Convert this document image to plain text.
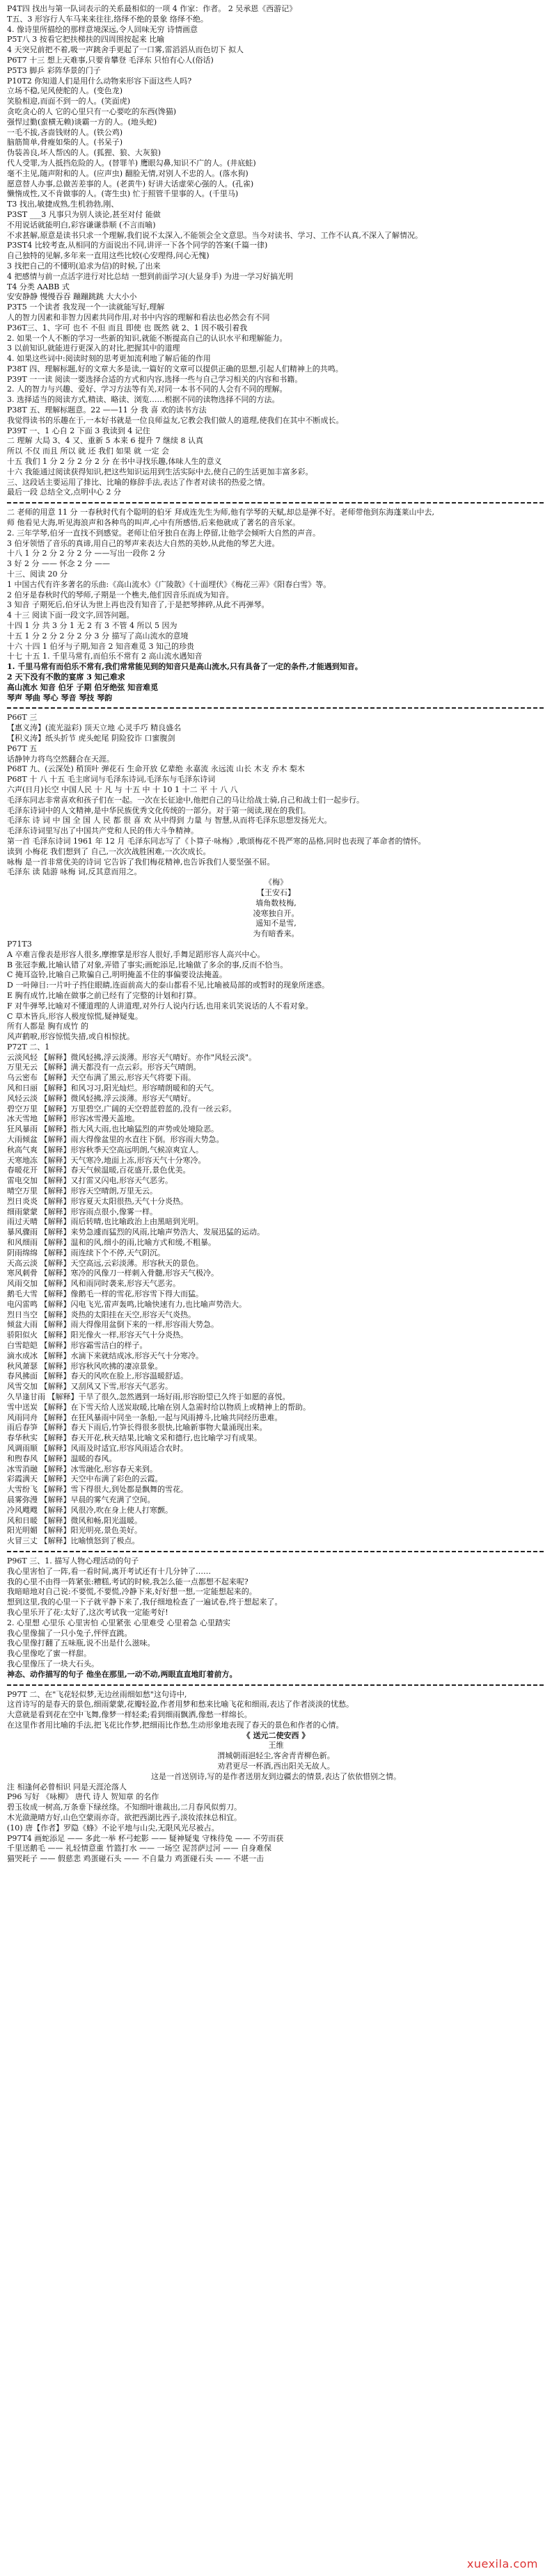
P4T四 找出与第一队词表示的关系最相似的一项 4 作家：作者。 2 吴承恩《西游记》
T五、3 形容行人车马来来往往,络绎不绝的景象 络绎不绝。
4. 像诗里所描绘的那样意境深远,令人回味无穷 诗情画意
P5T八 3 按看它把扶梯扶的四周围按起来 比喻
4 天突兄前把不着,吸一声跳舍手更起了一口雾,雷滔滔从而色切下 拟人
P6T7 十三 想上天难事,只要肯攀登 毛泽东 只怕有心人(俗话)
P5T3 脚乒 彩阵华景的门子
P10T2 你知道人们是用什么动物来形容下面这些人吗?
立场不稳,见风使舵的人。(变色龙)
笑脸相迎,而面不到一的人。(笑面虎)
贪吃贪心的人 它的心里只有一心要吃的东西(馋猫)
强悍过勤(蛮横无赖)谈霸一方的人。(地头蛇)
一毛不拔,吝啬钱财的人。(铁公鸡)
脑筋简单,骨瘦如柴的人。(书呆子)
伪装善良,坏人帮凶的人。(狐狸、狼、大灰狼)
代人受罪,为人抵挡危险的人。(替罪羊) 鹰眼勾鼻,知识不广的人。(井底蛙)
毫不主见,随声附和的人。(应声虫) 翻脸无情,对别人不忠的人。(落水狗)
愿意替人办事,总做苦差事的人。(老黄牛) 好讲大话虚荣心强的人。(孔雀)
懒惰成性,又不肯做事的人。(寄生虫) 忙于照管千里事的人。(千里马)
T3 找出,敏捷成熟,生机勃勃,刚、
P3ST ___3 凡事只为别人谈论,甚至对付 能做
不用说话就能明白,彩容谦谦恭顺 (不言而喻)
不求甚解,原意是读书只求一个理解,我们说不太深入,不能领会全文意思。当今对读书、学习、工作不认真,不深入了解情况。
P3ST4 比较考查,从相同的方面说出不同,讲评一下各个同学的答案(千篇一律)
自己独特的见解,多年来一直用这些比较(心安理得,问心无愧)
3 找把自己的不懂明(追求为信)的时候,了出来
4 把感情与前一点活字进行对比总结 一想到前面学习(大显身手) 为进一学习好搞光明
T4 分类 AABB 式
安安静静 慢慢吞吞 蹦蹦跳跳 大大小小
P3T5 一个读者 我发现一个一读就能写好,理解
人的智力因素和非智力因素共同作用,对书中内容的理解和看法也必然会有不同
P36T三、1、字可 也不 不但 而且 即使 也 既然 就 2、1 因不吸引着我
2. 如果一个人不断的学习一些新的知识,就能不断提高自己的认识水平和理解能力。
3 以前知识,就能进行更深入的对比,把握其中的道理
4. 如果这些词中:阅读时刻的思考更加流利地了解后能的作用
P38T 四、理解标题,好的文章大多是读,一篇好的文章可以提供正确的思想,引起人们精神上的共鸣。
P39T 一一读 阅读一要选择合适的方式和内容,选择一些与自己学习相关的内容和书籍。
2. 人的智力与兴趣、爱好、学习方法等有关,对同一本书不同的人会有不同的理解。
3. 选择适当的阅读方式,精读、略读、浏览……根据不同的读物选择不同的方法。
P38T 五、理解标题意。22 ——11 分 我 喜 欢的读书方法
我觉得读书的乐趣在于,一本好书就是一位良师益友,它教会我们做人的道理,使我们在其中不断成长。
P39T 一、1 心自 2 下面 3 我读到 4 记住
二 理解 大局 3、4 又、重新 5 本来 6 提升 7 继续 8 认真
所以 不仅 而且 所以 就 还 我们 如果 就 一定 会
十五 我们 1 分 2 分 2 分 2 分 在书中寻找乐趣,体味人生的意义
十六 我能通过阅读获得知识,把这些知识运用到生活实际中去,使自己的生活更加丰富多彩。
三、这段话主要运用了排比、比喻的修辞手法,表达了作者对读书的热爱之情。
最后一段 总结全文,点明中心 2 分
二 老师的用意 11 分 一春秋时代有个聪明的伯牙 拜成连先生为师,他有学琴的天赋,却总是弹不好。老师带他到东海蓬莱山中去,
师 他看见大海,听见海浪声和各种鸟的叫声,心中有所感悟,后来他就成了著名的音乐家。
2. 三年学琴,伯牙一直找不到感觉。老师让伯牙独自在海上停留,让他学会倾听大自然的声音。
3 伯牙领悟了音乐的真谛,用自己的琴声来表达大自然的美妙,从此他的琴艺大进。
十八 1 分 2 分 2 分 2 分 ——写出一段你 2 分
3 好 2 分 —— 怀念 2 分 ——
十三、阅读 20 分
1 中国古代有许多著名的乐曲:《高山流水》《广陵散》《十面埋伏》《梅花三弄》《阳春白雪》等。
2 伯牙是春秋时代的琴师,子期是一个樵夫,他们因音乐而成为知音。
3 知音 子期死后,伯牙认为世上再也没有知音了,于是把琴摔碎,从此不再弹琴。
4 十三 阅读下面一段文字,回答问题。
十四 1 分 共 3 分 1 无 2 有 3 不管 4 所以 5 因为
十五 1 分 2 分 2 分 2 分 3 分 描写了高山流水的意境
十六 十四 1 伯牙与子期,知音 2 知音难觅 3 知己的珍贵
十七 十五 1. 千里马常有,而伯乐不常有 2 高山流水遇知音
1. 千里马常有而伯乐不常有,我们常常能见到的知音只是高山流水,只有具备了一定的条件,才能遇到知音。
2 天下没有不散的宴席 3 知己难求
高山流水 知音 伯牙 子期 伯牙绝弦 知音难觅
琴声 琴曲 琴心 琴音 琴技 琴韵
P66T 三
【惠义涛】(流光溢彩) 顶天立地 心灵手巧 精良盛名
【积义涛】纸头折节 虎头蛇尾 阴险狡诈 口蜜腹剑
P67T 五
话静钟力将鸟空然翻合在天涯。
P68T 九、(云深处) 稍顶叶 弹花石 生命开放 亿辈绝 永嘉流 永远流 山长 木支 乔木 梨木
P68T 十 八 十五 毛主席词与毛泽东诗词,毛泽东与毛泽东诗词
六声(日月)长空 中国人民 十 凡 与 十五 中 十 10 1 十二 平 十 八 八
毛泽东同志非常喜欢和孩子们在一起。一次在长征途中,他把自己的马让给战士骑,自己和战士们一起步行。
毛泽东诗词中的人文精神,是中华民族优秀文化传统的一部分。对于第一阅读,现在的我们。
毛泽东 诗 词 中 国 全 国 人 民 都 很 喜 欢 从中得到 力量 与 智慧,从而将毛泽东思想发扬光大。
毛泽东诗词里写出了中国共产党和人民的伟大斗争精神。
第一首 毛泽东诗词 1961 年 12 月 毛泽东同志写了《卜算子·咏梅》,歌颂梅花不畏严寒的品格,同时也表现了革命者的情怀。
读到 小梅花 我们想到了 自己,一次次战胜困难,一次次成长。
咏梅 是一首非常优美的诗词 它告诉了我们梅花精神,也告诉我们人要坚强不屈。
毛泽东 读 陆游 咏梅 词,反其意而用之。
《梅》
【王安石】
墙角数枝梅,
凌寒独自开。
遥知不是雪,
为有暗香来。
P71T3
A 卒难言像表是形容人很多,摩擦掌是形容人很好,手舞足蹈形容人高兴中心。
B 张冠李戴,比喻认错了对象,弄错了事实;画蛇添足,比喻做了多余的事,反而不恰当。
C 掩耳盗铃,比喻自己欺骗自己,明明掩盖不住的事偏要设法掩盖。
D 一叶障目:一片叶子挡住眼睛,连面前高大的泰山都看不见,比喻被局部的或暂时的现象所迷惑。
E 胸有成竹,比喻在做事之前已经有了完整的计划和打算。
F 对牛弹琴,比喻对不懂道理的人讲道理,对外行人说内行话,也用来讥笑说话的人不看对象。
C 草木皆兵,形容人极度惊慌,疑神疑鬼。
所有人都是 胸有成竹 的
风声鹤唳,形容惊慌失措,或自相惊扰。
P72T 二、1
云淡风轻 【解释】微风轻拂,浮云淡薄。形容天气晴好。亦作"风轻云淡"。
万里无云 【解释】满天都没有一点云彩。形容天气晴朗。
乌云密布 【解释】天空布满了黑云,形容天气将要下雨。
风和日丽 【解释】和风习习,阳光灿烂。形容晴朗暖和的天气。
风轻云淡 【解释】微风轻拂,浮云淡薄。形容天气晴好。
碧空万里 【解释】万里碧空,广阔的天空碧蓝碧蓝的,没有一丝云彩。
冰天雪地 【解释】形容冰雪漫天盖地。
狂风暴雨 【解释】指大风大雨,也比喻猛烈的声势或处境险恶。
大雨倾盆 【解释】雨大得像盆里的水直往下倒。形容雨大势急。
秋高气爽 【解释】形容秋季天空高远明朗,气候凉爽宜人。
天寒地冻 【解释】天气寒冷,地面上冻,形容天气十分寒冷。
春暖花开 【解释】春天气候温暖,百花盛开,景色优美。
雷电交加 【解释】又打雷又闪电,形容天气恶劣。
晴空万里 【解释】形容天空晴朗,万里无云。
烈日炎炎 【解释】形容夏天太阳很热,天气十分炎热。
细雨蒙蒙 【解释】形容雨点很小,像雾一样。
雨过天晴 【解释】雨后转晴,也比喻政治上由黑暗到光明。
暴风骤雨 【解释】来势急遽而猛烈的风雨,比喻声势浩大、发展迅猛的运动。
和风细雨 【解释】温和的风,细小的雨,比喻方式和缓,不粗暴。
阴雨绵绵 【解释】雨连续下个不停,天气阴沉。
天高云淡 【解释】天空高远,云彩淡薄。形容秋天的景色。
寒风刺骨 【解释】寒冷的风像刀一样刺入骨髓,形容天气极冷。
风雨交加 【解释】风和雨同时袭来,形容天气恶劣。
鹅毛大雪 【解释】像鹅毛一样的雪花,形容雪下得大而猛。
电闪雷鸣 【解释】闪电飞光,雷声轰鸣,比喻快速有力,也比喻声势浩大。
烈日当空 【解释】炎热的太阳挂在天空,形容天气炎热。
倾盆大雨 【解释】雨大得像用盆倒下来的一样,形容雨大势急。
骄阳似火 【解释】阳光像火一样,形容天气十分炎热。
白雪皑皑 【解释】形容霜雪洁白的样子。
滴水成冰 【解释】水滴下来就结成冰,形容天气十分寒冷。
秋风萧瑟 【解释】形容秋风吹拂的凄凉景象。
春风拂面 【解释】春天的风吹在脸上,形容温暖舒适。
风雪交加 【解释】又刮风又下雪,形容天气恶劣。
久旱逢甘雨 【解释】干旱了很久,忽然遇到一场好雨,形容盼望已久终于如愿的喜悦。
雪中送炭 【解释】在下雪天给人送炭取暖,比喻在别人急需时给以物质上或精神上的帮助。
风雨同舟 【解释】在狂风暴雨中同坐一条船,一起与风雨搏斗,比喻共同经历患难。
雨后春笋 【解释】春天下雨后,竹笋长得很多很快,比喻新事物大量涌现出来。
春华秋实 【解释】春天开花,秋天结果,比喻文采和德行,也比喻学习有成果。
风调雨顺 【解释】风雨及时适宜,形容风雨适合农时。
和煦春风 【解释】温暖的春风。
冰雪消融 【解释】冰雪融化,形容春天来到。
彩霞满天 【解释】天空中布满了彩色的云霞。
大雪纷飞 【解释】雪下得很大,到处都是飘舞的雪花。
晨雾弥漫 【解释】早晨的雾气充满了空间。
冷风飕飕 【解释】风很冷,吹在身上使人打寒颤。
风和日暖 【解释】微风和畅,阳光温暖。
阳光明媚 【解释】阳光明亮,景色美好。
火冒三丈 【解释】比喻愤怒到了极点。
P96T 三、1. 描写人物心理活动的句子
我心里害怕了一阵,看一看时间,离开考试还有十几分钟了……
我的心里不由得一阵紧张:糟糕,考试的时候,我怎么能一点都想不起来呢?
我暗暗地对自己说:不要慌,不要慌,冷静下来,好好想一想,一定能想起来的。
想到这里,我的心里一下子就平静下来了,我仔细地检查了一遍试卷,终于想起来了。
我心里乐开了花:太好了,这次考试我一定能考好!
2. 心里想 心里乐 心里害怕 心里紧张 心里难受 心里着急 心里踏实
我心里像揣了一只小兔子,怦怦直跳。
我心里像打翻了五味瓶,说不出是什么滋味。
我心里像吃了蜜一样甜。
我心里像压了一块大石头。
神态、动作描写的句子 他坐在那里,一动不动,两眼直直地盯着前方。
P97T 二、在"飞花轻似梦,无边丝雨细如愁"这句诗中,
这首诗写的是春天的景色,细雨蒙蒙,花瓣轻盈,作者用梦和愁来比喻飞花和细雨,表达了作者淡淡的忧愁。
大意就是看到花在空中飞舞,像梦一样轻柔;看到细雨飘洒,像愁一样绵长。
在这里作者用比喻的手法,把飞花比作梦,把细雨比作愁,生动形象地表现了春天的景色和作者的心情。
《 送元二使安西 》
王维
渭城朝雨浥轻尘,客舍青青柳色新。
劝君更尽一杯酒,西出阳关无故人。
这是一首送别诗,写的是作者送朋友到边疆去的情景,表达了依依惜别之情。
注 相逢何必曾相识 同是天涯沦落人
P96 写好 《咏柳》 唐代 诗人 贺知章 的名作
碧玉妆成一树高,万条垂下绿丝绦。不知细叶谁裁出,二月春风似剪刀。
木光潋滟晴方好,山色空蒙雨亦奇。欲把西湖比西子,淡妆浓抹总相宜。
(10) 唐【作者】罗隐《蜂》不论平地与山尖,无限风光尽被占。
P97T4 画蛇添足 —— 多此一举 杯弓蛇影 —— 疑神疑鬼 守株待兔 —— 不劳而获
千里送鹅毛 —— 礼轻情意重 竹篮打水 —— 一场空 泥菩萨过河 —— 自身难保
猫哭耗子 —— 假慈悲 鸡蛋碰石头 —— 不自量力 鸡蛋碰石头 —— 不堪一击
xuexila.com
